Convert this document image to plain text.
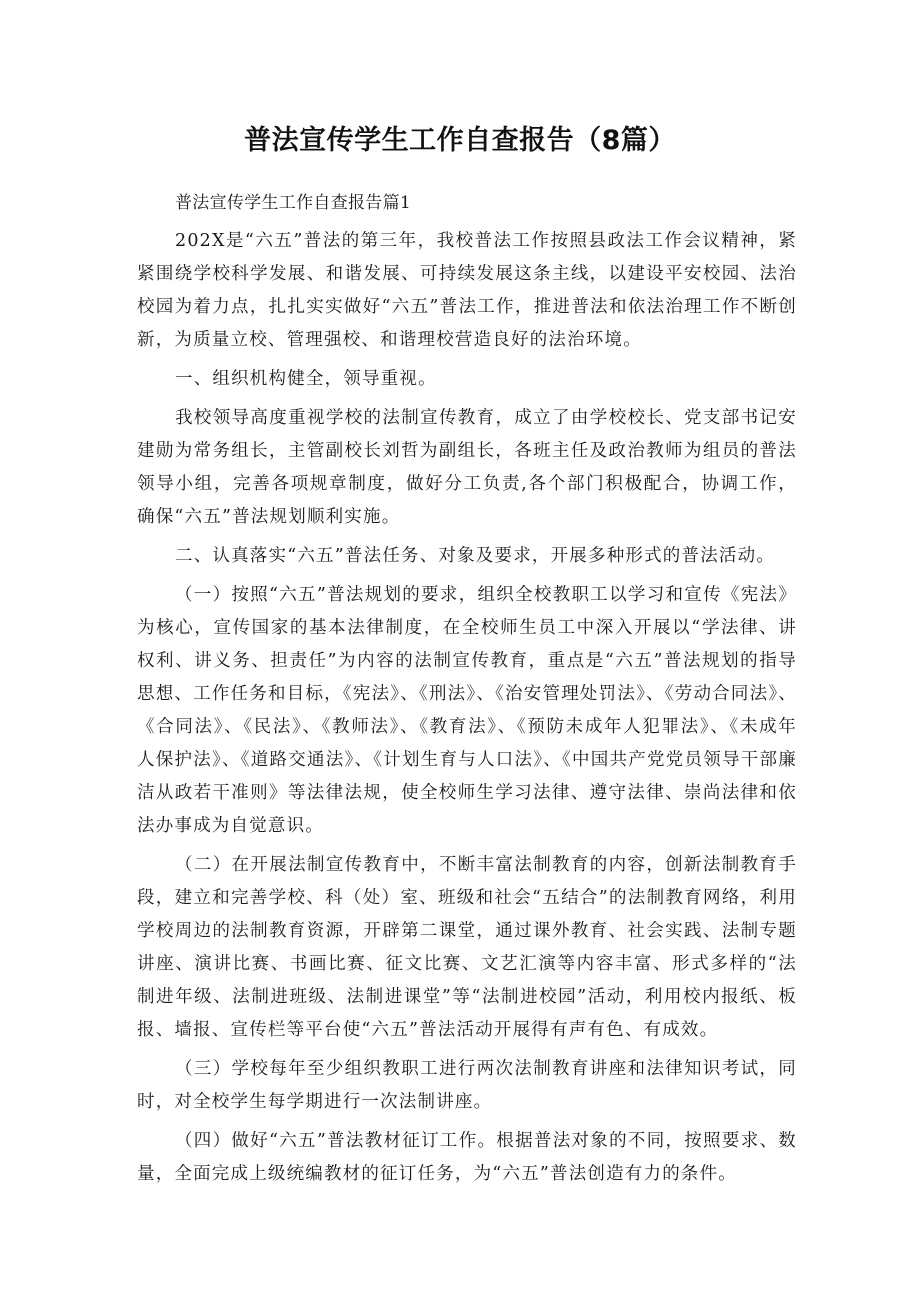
普法宣传学生工作自查报告（8篇）

普法宣传学生工作自查报告篇1

202X是“六五”普法的第三年，我校普法工作按照县政法工作会议精神，紧紧围绕学校科学发展、和谐发展、可持续发展这条主线，以建设平安校园、法治校园为着力点，扎扎实实做好“六五”普法工作，推进普法和依法治理工作不断创新，为质量立校、管理强校、和谐理校营造良好的法治环境。

一、组织机构健全，领导重视。

我校领导高度重视学校的法制宣传教育，成立了由学校校长、党支部书记安建勋为常务组长，主管副校长刘哲为副组长，各班主任及政治教师为组员的普法领导小组，完善各项规章制度，做好分工负责,各个部门积极配合，协调工作，确保“六五”普法规划顺利实施。

二、认真落实“六五”普法任务、对象及要求，开展多种形式的普法活动。

（一）按照“六五”普法规划的要求，组织全校教职工以学习和宣传《宪法》为核心，宣传国家的基本法律制度，在全校师生员工中深入开展以“学法律、讲权利、讲义务、担责任”为内容的法制宣传教育，重点是“六五”普法规划的指导思想、工作任务和目标，《宪法》、《刑法》、《治安管理处罚法》、《劳动合同法》、《合同法》、《民法》、《教师法》、《教育法》、《预防未成年人犯罪法》、《未成年人保护法》、《道路交通法》、《计划生育与人口法》、《中国共产党党员领导干部廉洁从政若干准则》等法律法规，使全校师生学习法律、遵守法律、崇尚法律和依法办事成为自觉意识。

（二）在开展法制宣传教育中，不断丰富法制教育的内容，创新法制教育手段，建立和完善学校、科（处）室、班级和社会“五结合”的法制教育网络，利用学校周边的法制教育资源，开辟第二课堂，通过课外教育、社会实践、法制专题讲座、演讲比赛、书画比赛、征文比赛、文艺汇演等内容丰富、形式多样的“法制进年级、法制进班级、法制进课堂”等“法制进校园”活动，利用校内报纸、板报、墙报、宣传栏等平台使“六五”普法活动开展得有声有色、有成效。

（三）学校每年至少组织教职工进行两次法制教育讲座和法律知识考试，同时，对全校学生每学期进行一次法制讲座。

（四）做好“六五”普法教材征订工作。根据普法对象的不同，按照要求、数量，全面完成上级统编教材的征订任务，为“六五”普法创造有力的条件。
